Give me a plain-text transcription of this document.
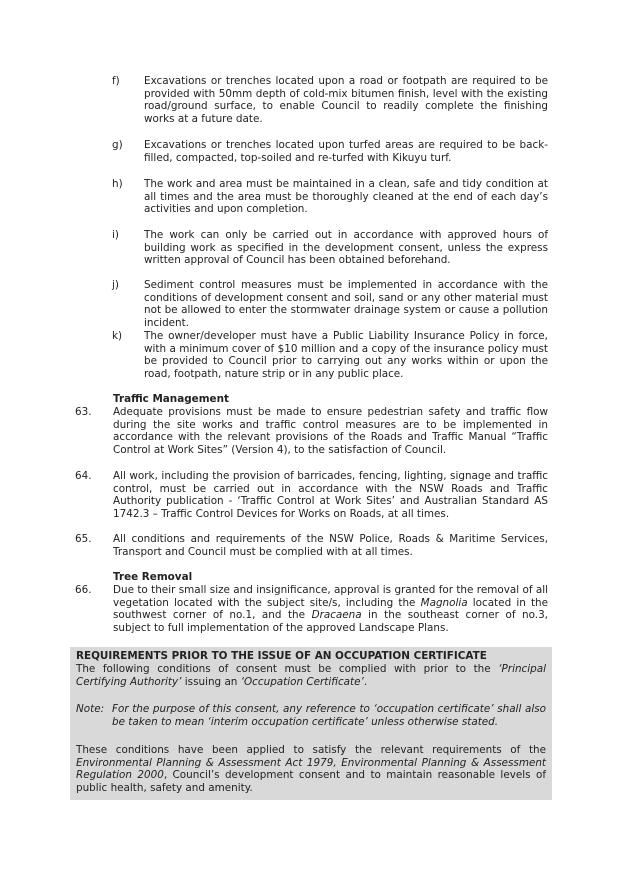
f)	Excavations or trenches located upon a road or footpath are required to be provided with 50mm depth of cold-mix bitumen finish, level with the existing road/ground surface, to enable Council to readily complete the finishing works at a future date.
g)	Excavations or trenches located upon turfed areas are required to be back-filled, compacted, top-soiled and re-turfed with Kikuyu turf.
h)	The work and area must be maintained in a clean, safe and tidy condition at all times and the area must be thoroughly cleaned at the end of each day’s activities and upon completion.
i)	The work can only be carried out in accordance with approved hours of building work as specified in the development consent, unless the express written approval of Council has been obtained beforehand.
j)	Sediment control measures must be implemented in accordance with the conditions of development consent and soil, sand or any other material must not be allowed to enter the stormwater drainage system or cause a pollution incident.
k)	The owner/developer must have a Public Liability Insurance Policy in force, with a minimum cover of $10 million and a copy of the insurance policy must be provided to Council prior to carrying out any works within or upon the road, footpath, nature strip or in any public place.
Traffic Management
63.	Adequate provisions must be made to ensure pedestrian safety and traffic flow during the site works and traffic control measures are to be implemented in accordance with the relevant provisions of the Roads and Traffic Manual “Traffic Control at Work Sites” (Version 4), to the satisfaction of Council.
64.	All work, including the provision of barricades, fencing, lighting, signage and traffic control, must be carried out in accordance with the NSW Roads and Traffic Authority publication - ‘Traffic Control at Work Sites’ and Australian Standard AS 1742.3 – Traffic Control Devices for Works on Roads, at all times.
65.	All conditions and requirements of the NSW Police, Roads & Maritime Services, Transport and Council must be complied with at all times.
Tree Removal
66.	Due to their small size and insignificance, approval is granted for the removal of all vegetation located with the subject site/s, including the Magnolia located in the southwest corner of no.1, and the Dracaena in the southeast corner of no.3, subject to full implementation of the approved Landscape Plans.
REQUIREMENTS PRIOR TO THE ISSUE OF AN OCCUPATION CERTIFICATE
The following conditions of consent must be complied with prior to the ‘Principal Certifying Authority’ issuing an ‘Occupation Certificate’.
Note: For the purpose of this consent, any reference to ‘occupation certificate’ shall also be taken to mean ‘interim occupation certificate’ unless otherwise stated.
These conditions have been applied to satisfy the relevant requirements of the Environmental Planning & Assessment Act 1979, Environmental Planning & Assessment Regulation 2000, Council’s development consent and to maintain reasonable levels of public health, safety and amenity.
